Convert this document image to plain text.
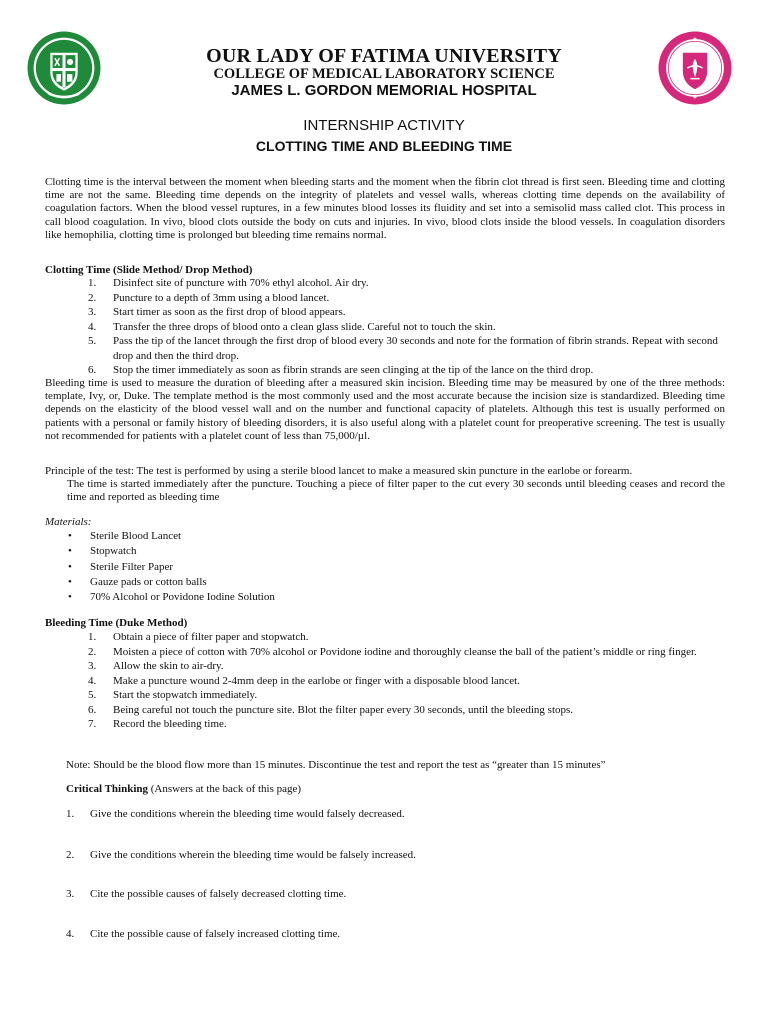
OUR LADY OF FATIMA UNIVERSITY
COLLEGE OF MEDICAL LABORATORY SCIENCE
JAMES L. GORDON MEMORIAL HOSPITAL
INTERNSHIP ACTIVITY
CLOTTING TIME AND BLEEDING TIME

Clotting time is the interval between the moment when bleeding starts and the moment when the fibrin clot thread is first seen. Bleeding time and clotting time are not the same. Bleeding time depends on the integrity of platelets and vessel walls, whereas clotting time depends on the availability of coagulation factors. When the blood vessel ruptures, in a few minutes blood losses its fluidity and set into a semisolid mass called clot. This process in call blood coagulation. In vivo, blood clots outside the body on cuts and injuries. In vivo, blood clots inside the blood vessels. In coagulation disorders like hemophilia, clotting time is prolonged but bleeding time remains normal.

Clotting Time (Slide Method/ Drop Method)
1. Disinfect site of puncture with 70% ethyl alcohol. Air dry.
2. Puncture to a depth of 3mm using a blood lancet.
3. Start timer as soon as the first drop of blood appears.
4. Transfer the three drops of blood onto a clean glass slide. Careful not to touch the skin.
5. Pass the tip of the lancet through the first drop of blood every 30 seconds and note for the formation of fibrin strands. Repeat with second drop and then the third drop.
6. Stop the timer immediately as soon as fibrin strands are seen clinging at the tip of the lance on the third drop.

Bleeding time is used to measure the duration of bleeding after a measured skin incision. Bleeding time may be measured by one of the three methods: template, Ivy, or, Duke. The template method is the most commonly used and the most accurate because the incision size is standardized. Bleeding time depends on the elasticity of the blood vessel wall and on the number and functional capacity of platelets. Although this test is usually performed on patients with a personal or family history of bleeding disorders, it is also useful along with a platelet count for preoperative screening. The test is usually not recommended for patients with a platelet count of less than 75,000/µl.

Principle of the test: The test is performed by using a sterile blood lancet to make a measured skin puncture in the earlobe or forearm.
The time is started immediately after the puncture. Touching a piece of filter paper to the cut every 30 seconds until bleeding ceases and record the time and reported as bleeding time
Materials:
• Sterile Blood Lancet
• Stopwatch
• Sterile Filter Paper
• Gauze pads or cotton balls
• 70% Alcohol or Povidone Iodine Solution
Bleeding Time (Duke Method)
1. Obtain a piece of filter paper and stopwatch.
2. Moisten a piece of cotton with 70% alcohol or Povidone iodine and thoroughly cleanse the ball of the patient’s middle or ring finger.
3. Allow the skin to air-dry.
4. Make a puncture wound 2-4mm deep in the earlobe or finger with a disposable blood lancet.
5. Start the stopwatch immediately.
6. Being careful not touch the puncture site. Blot the filter paper every 30 seconds, until the bleeding stops.
7. Record the bleeding time.
Note: Should be the blood flow more than 15 minutes. Discontinue the test and report the test as “greater than 15 minutes”
Critical Thinking (Answers at the back of this page)
1. Give the conditions wherein the bleeding time would falsely decreased.
2. Give the conditions wherein the bleeding time would be falsely increased.
3. Cite the possible causes of falsely decreased clotting time.
4. Cite the possible cause of falsely increased clotting time.
